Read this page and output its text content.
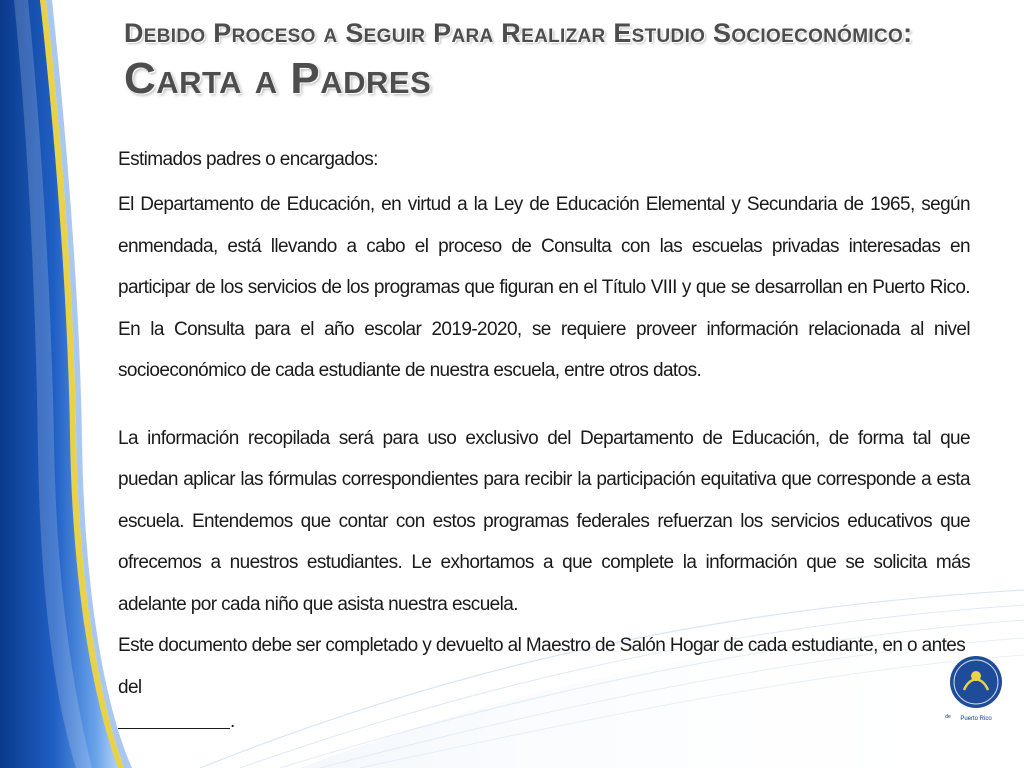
Debido Proceso a Seguir Para Realizar Estudio Socioeconómico:
Carta a Padres

Estimados padres o encargados:

El Departamento de Educación, en virtud a la Ley de Educación Elemental y Secundaria de 1965, según enmendada, está llevando a cabo el proceso de Consulta con las escuelas privadas interesadas en participar de los servicios de los programas que figuran en el Título VIII y que se desarrollan en Puerto Rico. En la Consulta para el año escolar 2019-2020, se requiere proveer información relacionada al nivel socioeconómico de cada estudiante de nuestra escuela, entre otros datos.

La información recopilada será para uso exclusivo del Departamento de Educación, de forma tal que puedan aplicar las fórmulas correspondientes para recibir la participación equitativa que corresponde a esta escuela. Entendemos que contar con estos programas federales refuerzan los servicios educativos que ofrecemos a nuestros estudiantes. Le exhortamos a que complete la información que se solicita más adelante por cada niño que asista nuestra escuela.

Este documento debe ser completado y devuelto al Maestro de Salón Hogar de cada estudiante, en o antes del

.	Puerto Rico
de
